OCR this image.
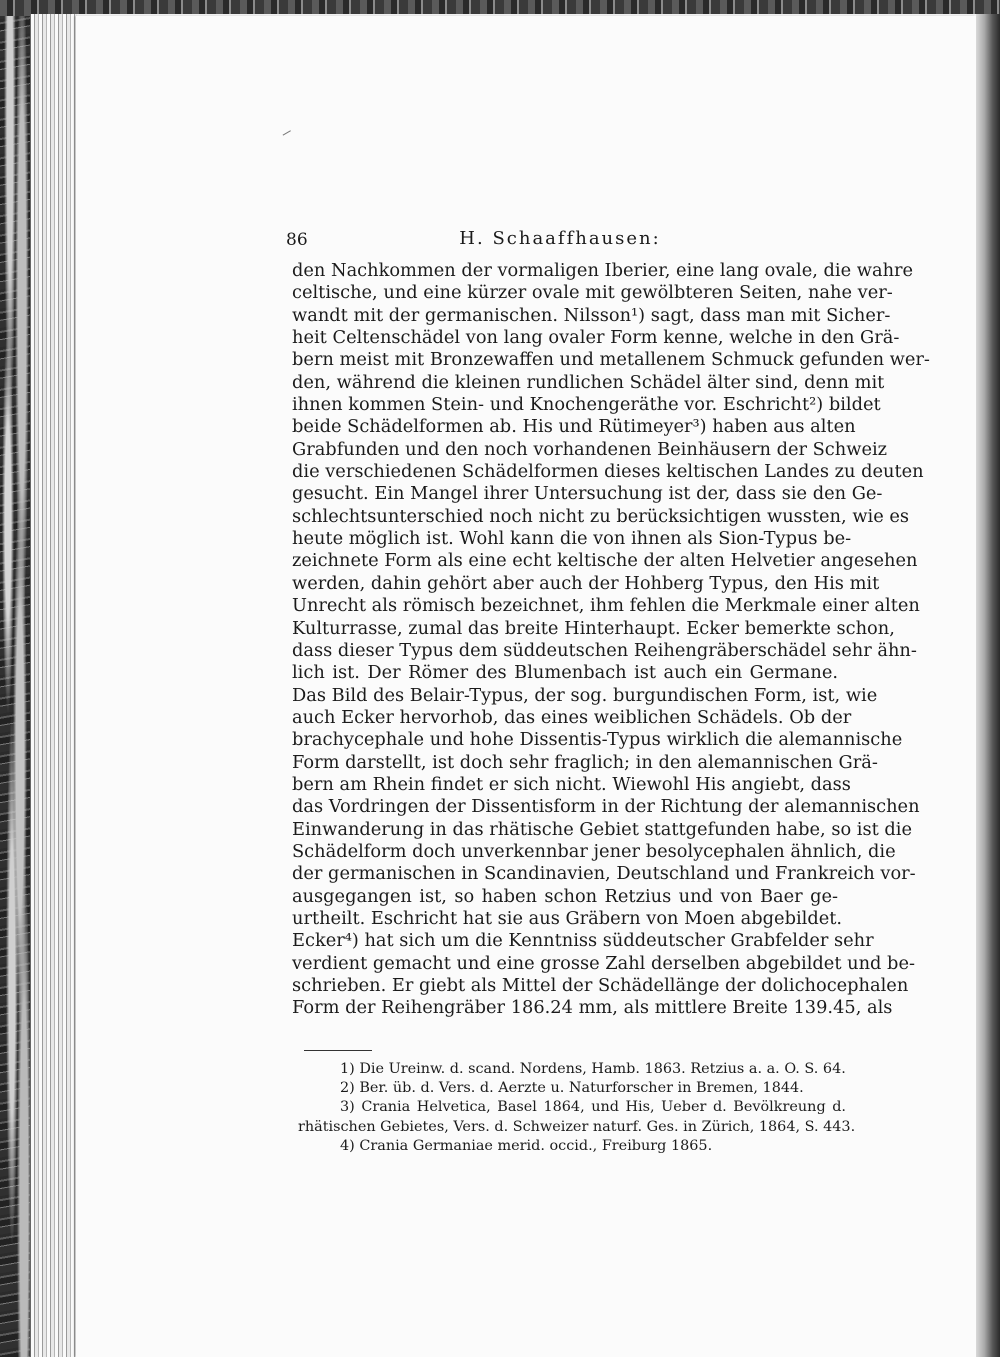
86	H. Schaaffhausen:
den Nachkommen der vormaligen Iberier, eine lang ovale, die wahre
celtische, und eine kürzer ovale mit gewölbteren Seiten, nahe ver-
wandt mit der germanischen. Nilsson¹) sagt, dass man mit Sicher-
heit Celtenschädel von lang ovaler Form kenne, welche in den Grä-
bern meist mit Bronzewaffen und metallenem Schmuck gefunden wer-
den, während die kleinen rundlichen Schädel älter sind, denn mit
ihnen kommen Stein- und Knochengeräthe vor. Eschricht²) bildet
beide Schädelformen ab. His und Rütimeyer³) haben aus alten
Grabfunden und den noch vorhandenen Beinhäusern der Schweiz
die verschiedenen Schädelformen dieses keltischen Landes zu deuten
gesucht. Ein Mangel ihrer Untersuchung ist der, dass sie den Ge-
schlechtsunterschied noch nicht zu berücksichtigen wussten, wie es
heute möglich ist. Wohl kann die von ihnen als Sion-Typus be-
zeichnete Form als eine echt keltische der alten Helvetier angesehen
werden, dahin gehört aber auch der Hohberg Typus, den His mit
Unrecht als römisch bezeichnet, ihm fehlen die Merkmale einer alten
Kulturrasse, zumal das breite Hinterhaupt. Ecker bemerkte schon,
dass dieser Typus dem süddeutschen Reihengräberschädel sehr ähn-
lich ist. Der Römer des Blumenbach ist auch ein Germane.
Das Bild des Belair-Typus, der sog. burgundischen Form, ist, wie
auch Ecker hervorhob, das eines weiblichen Schädels. Ob der
brachycephale und hohe Dissentis-Typus wirklich die alemannische
Form darstellt, ist doch sehr fraglich; in den alemannischen Grä-
bern am Rhein findet er sich nicht. Wiewohl His angiebt, dass
das Vordringen der Dissentisform in der Richtung der alemannischen
Einwanderung in das rhätische Gebiet stattgefunden habe, so ist die
Schädelform doch unverkennbar jener besolycephalen ähnlich, die
der germanischen in Scandinavien, Deutschland und Frankreich vor-
ausgegangen ist, so haben schon Retzius und von Baer ge-
urtheilt. Eschricht hat sie aus Gräbern von Moen abgebildet.
Ecker⁴) hat sich um die Kenntniss süddeutscher Grabfelder sehr
verdient gemacht und eine grosse Zahl derselben abgebildet und be-
schrieben. Er giebt als Mittel der Schädellänge der dolichocephalen
Form der Reihengräber 186.24 mm, als mittlere Breite 139.45, als
1) Die Ureinw. d. scand. Nordens, Hamb. 1863. Retzius a. a. O. S. 64.
2) Ber. üb. d. Vers. d. Aerzte u. Naturforscher in Bremen, 1844.
3) Crania Helvetica, Basel 1864, und His, Ueber d. Bevölkreung d.
rhätischen Gebietes, Vers. d. Schweizer naturf. Ges. in Zürich, 1864, S. 443.
4) Crania Germaniae merid. occid., Freiburg 1865.
